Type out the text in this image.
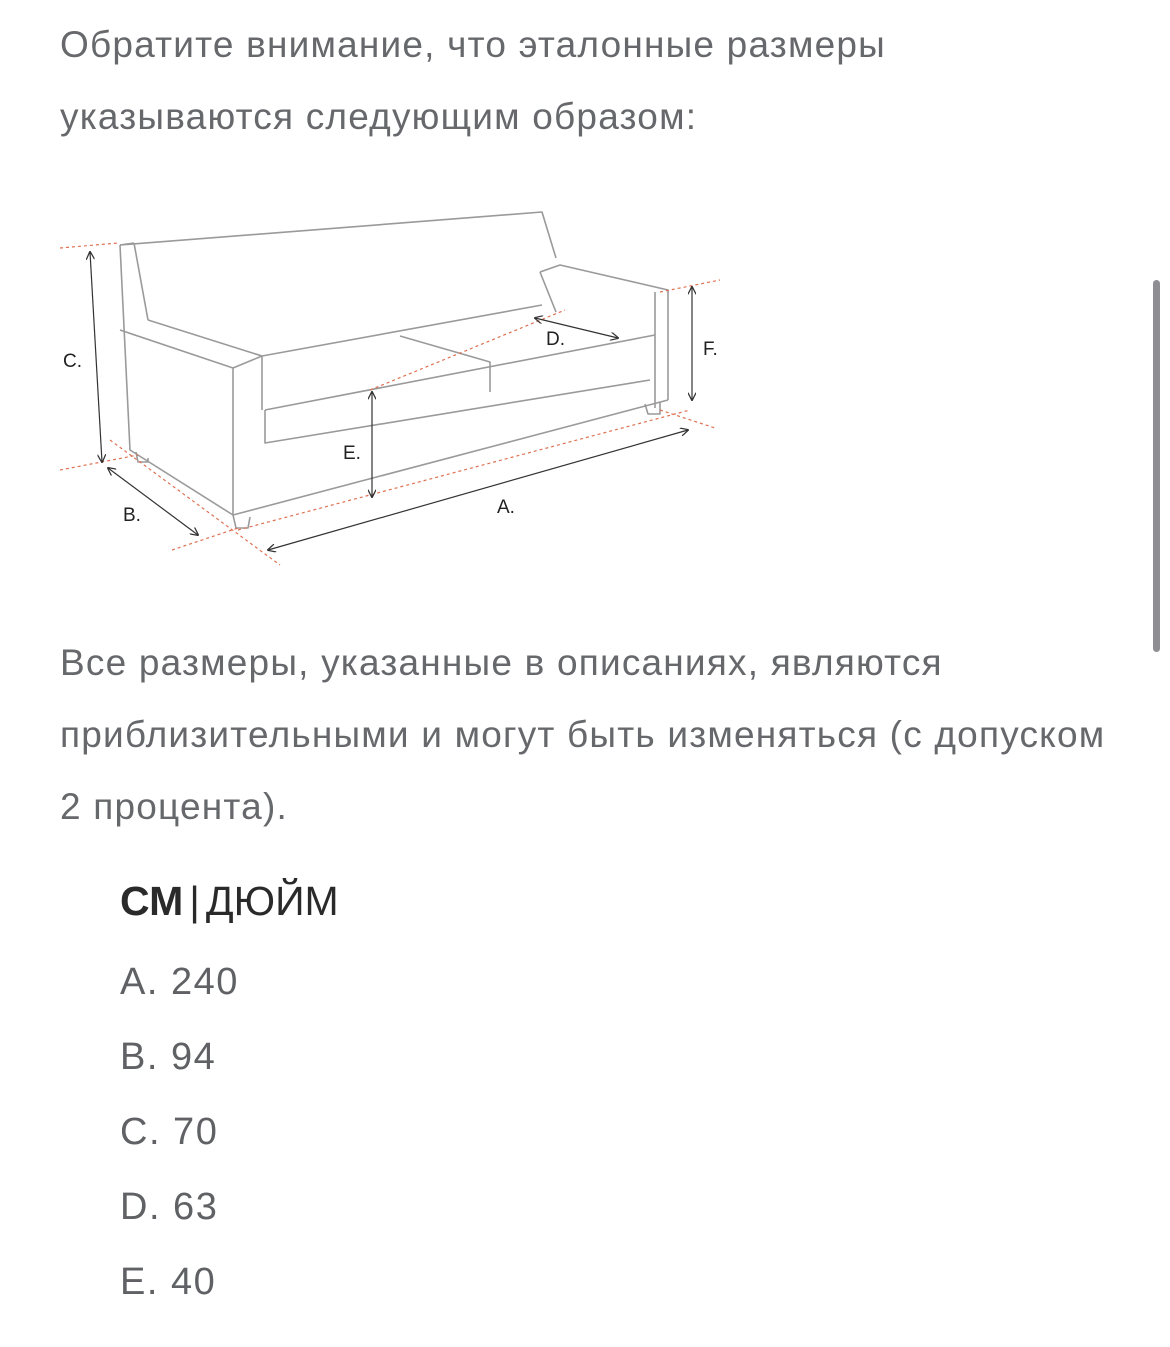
Обратите внимание, что эталонные размеры указываются следующим образом:

C.
B.	A.
E.
D.	F.

Все размеры, указанные в описаниях, являются приблизительными и могут быть изменяться (с допуском 2 процента).

СМ | ДЮЙМ
A. 240
B. 94
C. 70
D. 63
E. 40
